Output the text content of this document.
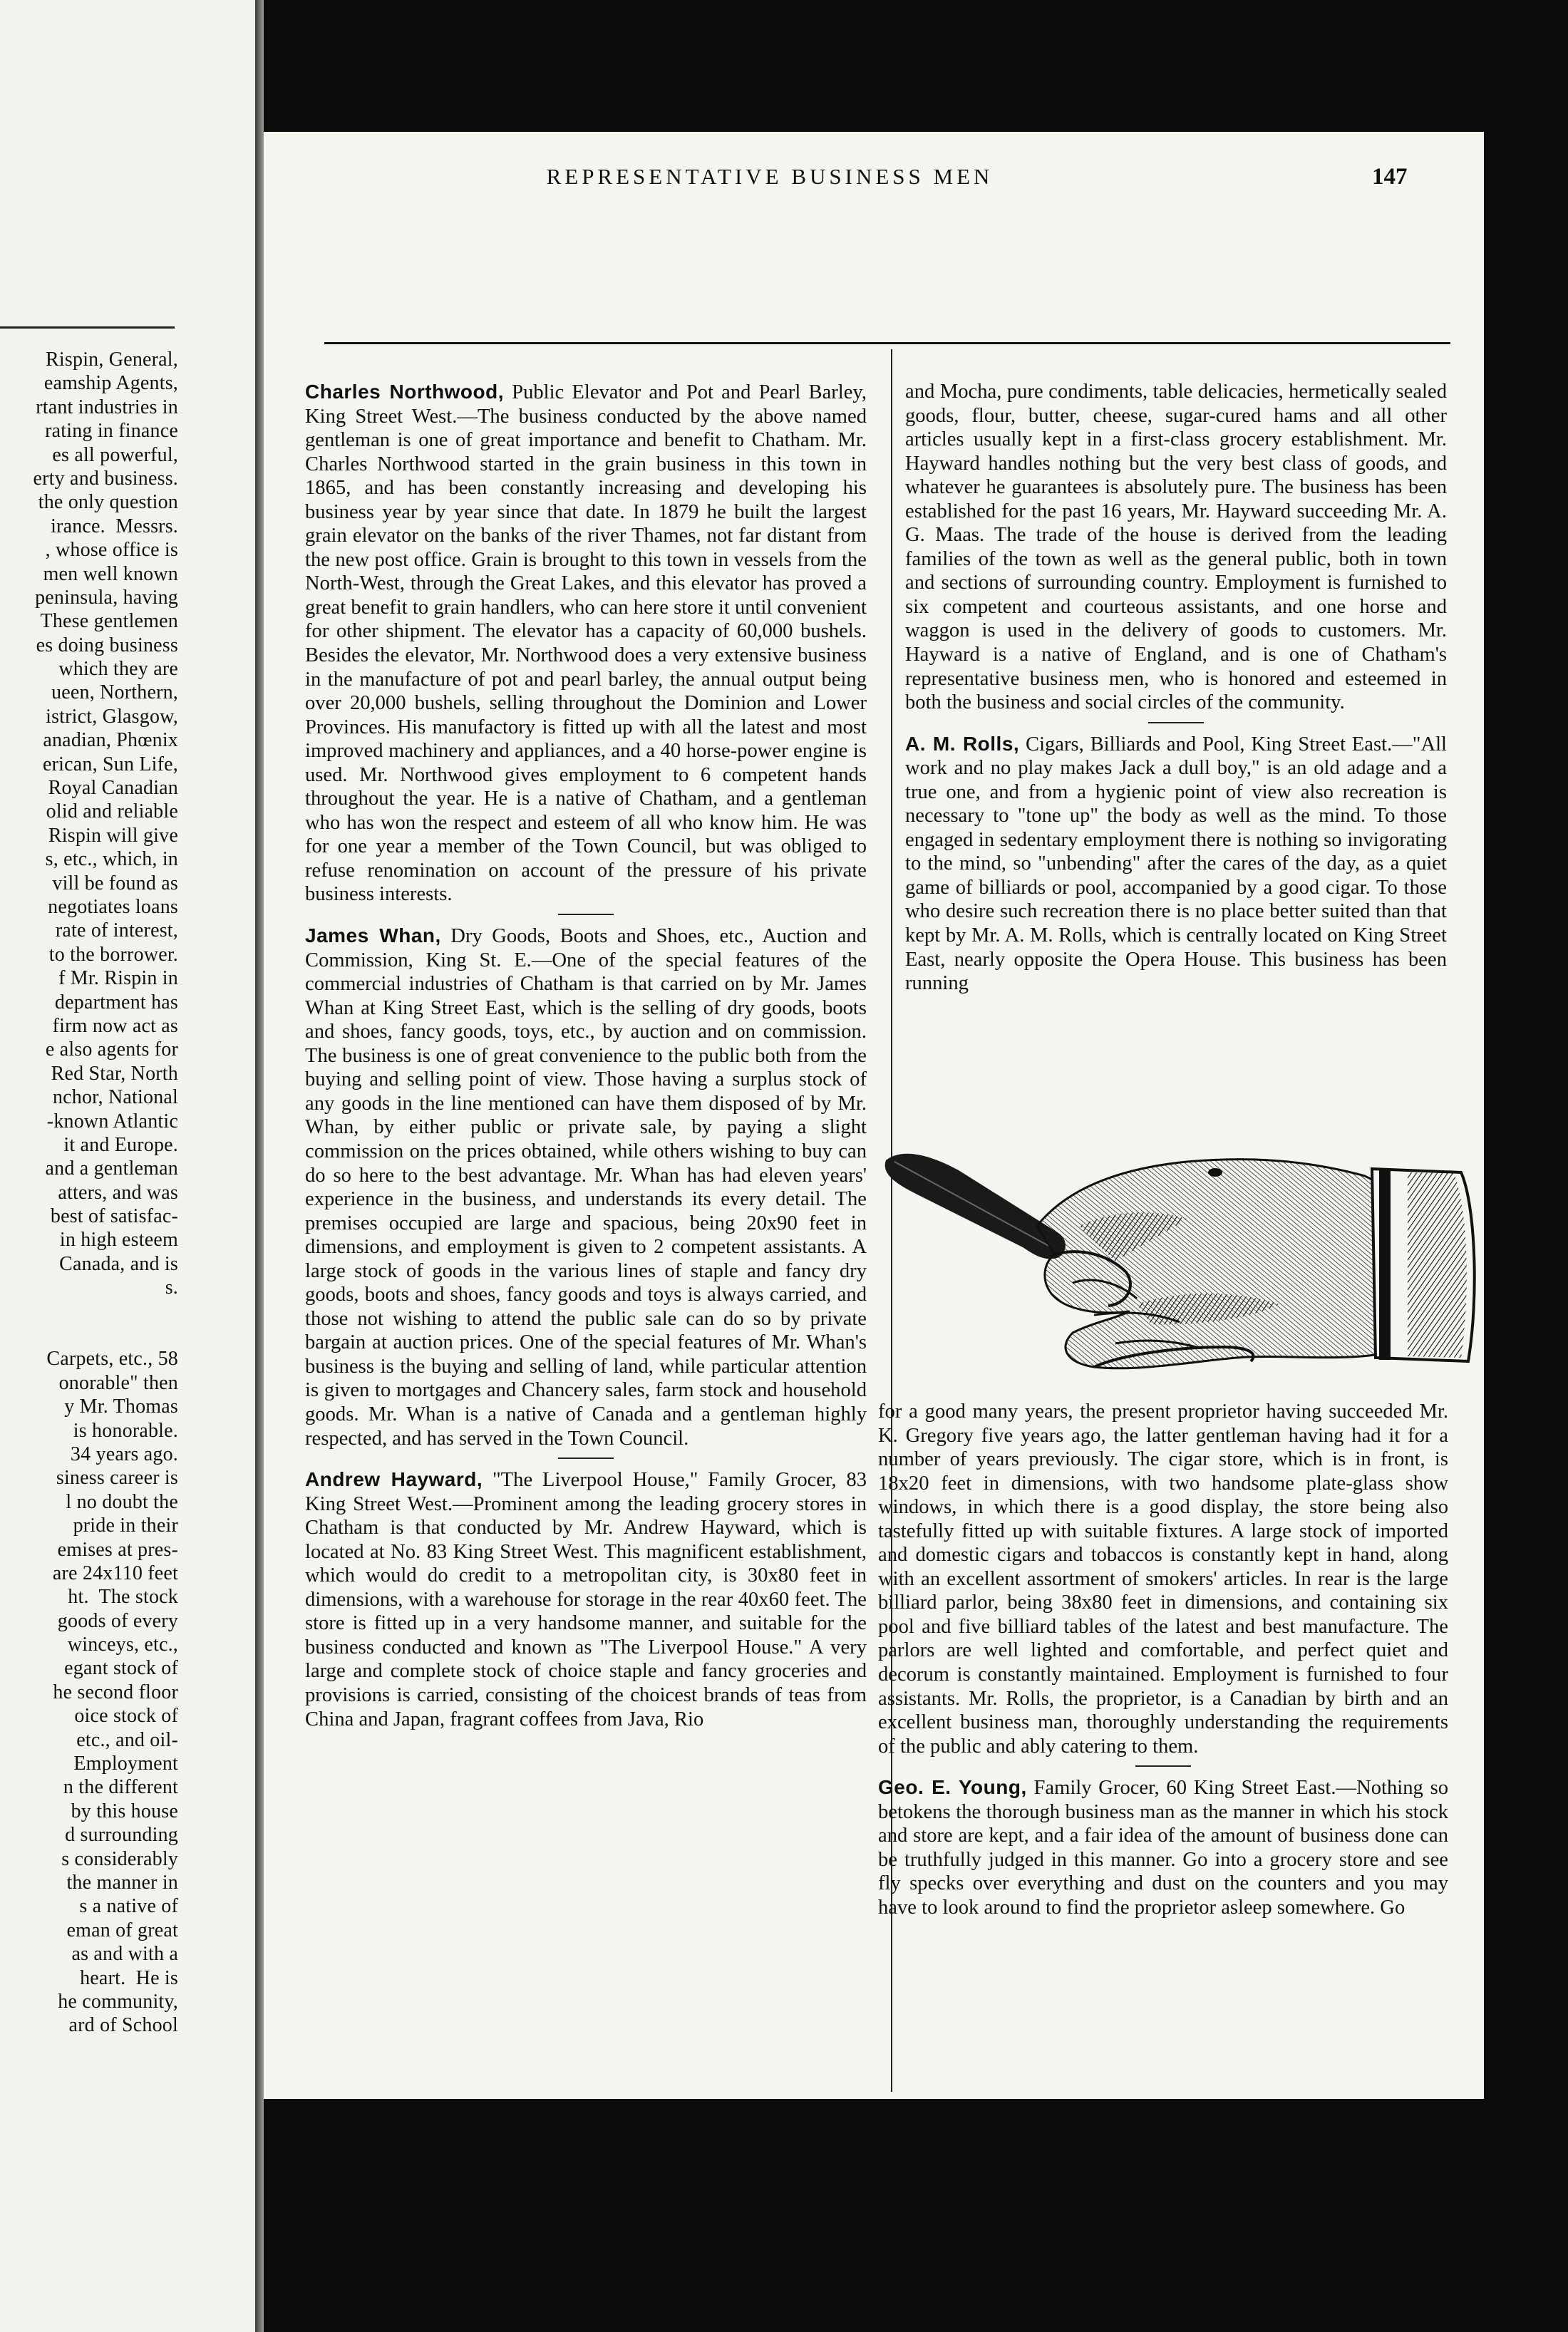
Rispin, General,
eamship Agents,
rtant industries in
rating in finance
es all powerful,
erty and business.
the only question
irance.  Messrs.
, whose office is
men well known
peninsula, having
These gentlemen
es doing business
which they are
ueen, Northern,
istrict, Glasgow,
anadian, Phœnix
erican, Sun Life,
Royal Canadian
olid and reliable
Rispin will give
s, etc., which, in
vill be found as
negotiates loans
rate of interest,
to the borrower.
f Mr. Rispin in
department has
firm now act as
e also agents for
Red Star, North
nchor, National
-known Atlantic
it and Europe.
and a gentleman
atters, and was
best of satisfac-
in high esteem
Canada, and is
s.
Carpets, etc., 58
onorable" then
y Mr. Thomas
is honorable.
34 years ago.
siness career is
l no doubt the
pride in their
emises at pres-
are 24x110 feet
ht.  The stock
goods of every
winceys, etc.,
egant stock of
he second floor
oice stock of
etc., and oil-
Employment
n the different
by this house
d surrounding
s considerably
the manner in
s a native of
eman of great
as and with a
heart.  He is
he community,
ard of School
REPRESENTATIVE BUSINESS MEN	147

Charles Northwood, Public Elevator and Pot and Pearl Barley, King Street West.—The business conducted by the above named gentleman is one of great importance and benefit to Chatham. Mr. Charles Northwood started in the grain business in this town in 1865, and has been constantly increasing and developing his business year by year since that date. In 1879 he built the largest grain elevator on the banks of the river Thames, not far distant from the new post office. Grain is brought to this town in vessels from the North-West, through the Great Lakes, and this elevator has proved a great benefit to grain handlers, who can here store it until convenient for other shipment. The elevator has a capacity of 60,000 bushels. Besides the elevator, Mr. Northwood does a very extensive business in the manufacture of pot and pearl barley, the annual output being over 20,000 bushels, selling throughout the Dominion and Lower Provinces. His manufactory is fitted up with all the latest and most improved machinery and appliances, and a 40 horse-power engine is used. Mr. Northwood gives employment to 6 competent hands throughout the year. He is a native of Chatham, and a gentleman who has won the respect and esteem of all who know him. He was for one year a member of the Town Council, but was obliged to refuse renomination on account of the pressure of his private business interests.

James Whan, Dry Goods, Boots and Shoes, etc., Auction and Commission, King St. E.—One of the special features of the commercial industries of Chatham is that carried on by Mr. James Whan at King Street East, which is the selling of dry goods, boots and shoes, fancy goods, toys, etc., by auction and on commission. The business is one of great convenience to the public both from the buying and selling point of view. Those having a surplus stock of any goods in the line mentioned can have them disposed of by Mr. Whan, by either public or private sale, by paying a slight commission on the prices obtained, while others wishing to buy can do so here to the best advantage. Mr. Whan has had eleven years' experience in the business, and understands its every detail. The premises occupied are large and spacious, being 20x90 feet in dimensions, and employment is given to 2 competent assistants. A large stock of goods in the various lines of staple and fancy dry goods, boots and shoes, fancy goods and toys is always carried, and those not wishing to attend the public sale can do so by private bargain at auction prices. One of the special features of Mr. Whan's business is the buying and selling of land, while particular attention is given to mortgages and Chancery sales, farm stock and household goods. Mr. Whan is a native of Canada and a gentleman highly respected, and has served in the Town Council.

Andrew Hayward, "The Liverpool House," Family Grocer, 83 King Street West.—Prominent among the leading grocery stores in Chatham is that conducted by Mr. Andrew Hayward, which is located at No. 83 King Street West. This magnificent establishment, which would do credit to a metropolitan city, is 30x80 feet in dimensions, with a warehouse for storage in the rear 40x60 feet. The store is fitted up in a very handsome manner, and suitable for the business conducted and known as "The Liverpool House." A very large and complete stock of choice staple and fancy groceries and provisions is carried, consisting of the choicest brands of teas from China and Japan, fragrant coffees from Java, Rio

and Mocha, pure condiments, table delicacies, hermetically sealed goods, flour, butter, cheese, sugar-cured hams and all other articles usually kept in a first-class grocery establishment. Mr. Hayward handles nothing but the very best class of goods, and whatever he guarantees is absolutely pure. The business has been established for the past 16 years, Mr. Hayward succeeding Mr. A. G. Maas. The trade of the house is derived from the leading families of the town as well as the general public, both in town and sections of surrounding country. Employment is furnished to six competent and courteous assistants, and one horse and waggon is used in the delivery of goods to customers. Mr. Hayward is a native of England, and is one of Chatham's representative business men, who is honored and esteemed in both the business and social circles of the community.

A. M. Rolls, Cigars, Billiards and Pool, King Street East.—"All work and no play makes Jack a dull boy," is an old adage and a true one, and from a hygienic point of view also recreation is necessary to "tone up" the body as well as the mind. To those engaged in sedentary employment there is nothing so invigorating to the mind, so "unbending" after the cares of the day, as a quiet game of billiards or pool, accompanied by a good cigar. To those who desire such recreation there is no place better suited than that kept by Mr. A. M. Rolls, which is centrally located on King Street East, nearly opposite the Opera House. This business has been running

for a good many years, the present proprietor having succeeded Mr. K. Gregory five years ago, the latter gentleman having had it for a number of years previously. The cigar store, which is in front, is 18x20 feet in dimensions, with two handsome plate-glass show windows, in which there is a good display, the store being also tastefully fitted up with suitable fixtures. A large stock of imported and domestic cigars and tobaccos is constantly kept in hand, along with an excellent assortment of smokers' articles. In rear is the large billiard parlor, being 38x80 feet in dimensions, and containing six pool and five billiard tables of the latest and best manufacture. The parlors are well lighted and comfortable, and perfect quiet and decorum is constantly maintained. Employment is furnished to four assistants. Mr. Rolls, the proprietor, is a Canadian by birth and an excellent business man, thoroughly understanding the requirements of the public and ably catering to them.

Geo. E. Young, Family Grocer, 60 King Street East.—Nothing so betokens the thorough business man as the manner in which his stock and store are kept, and a fair idea of the amount of business done can be truthfully judged in this manner. Go into a grocery store and see fly specks over everything and dust on the counters and you may have to look around to find the proprietor asleep somewhere. Go
